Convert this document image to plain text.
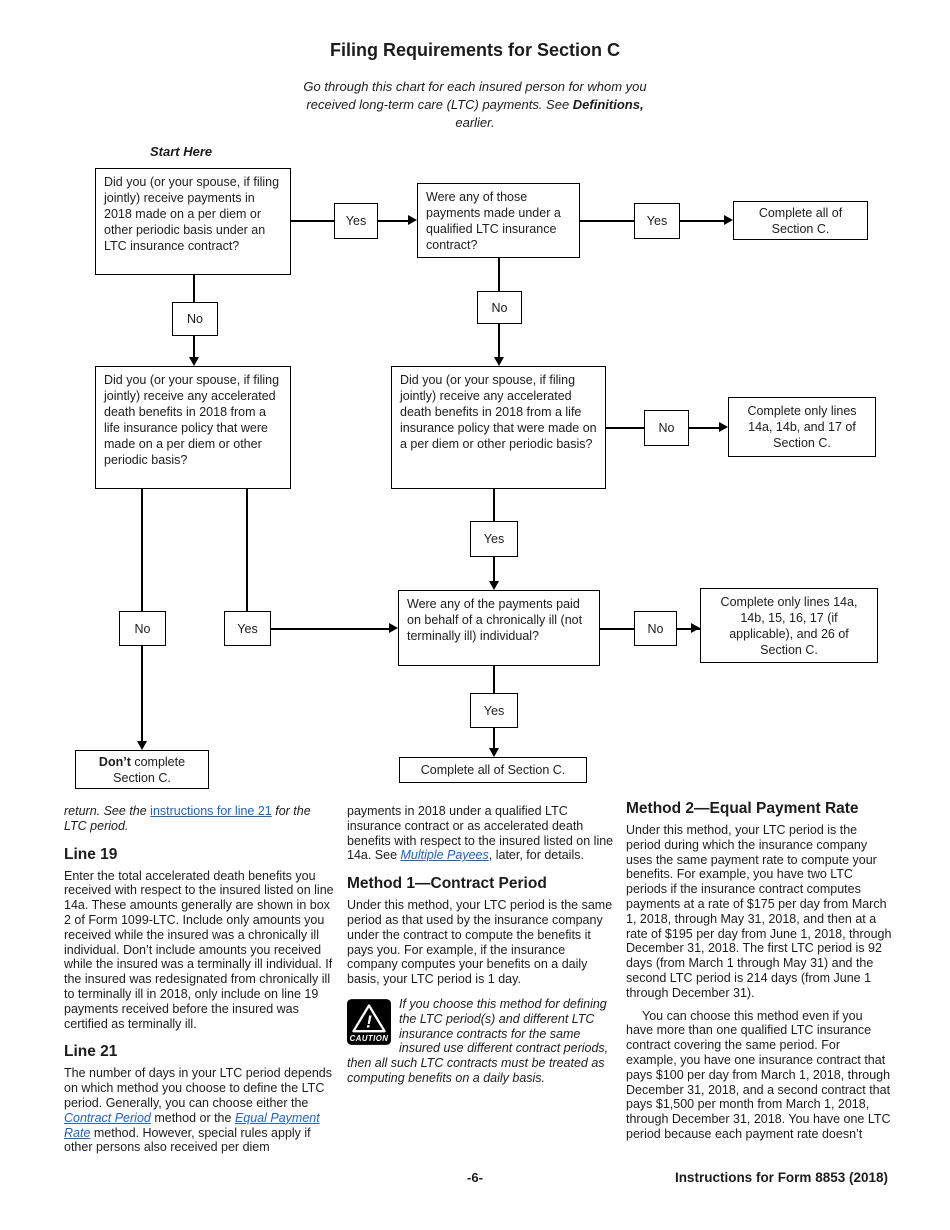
Filing Requirements for Section C

Go through this chart for each insured person for whom you received long-term care (LTC) payments. See Definitions, earlier.

Start Here
Did you (or your spouse, if filing jointly) receive payments in 2018 made on a per diem or other periodic basis under an LTC insurance contract?
Yes
Were any of those payments made under a qualified LTC insurance contract?
Yes
Complete all of Section C.
No
No
Did you (or your spouse, if filing jointly) receive any accelerated death benefits in 2018 from a life insurance policy that were made on a per diem or other periodic basis?
Did you (or your spouse, if filing jointly) receive any accelerated death benefits in 2018 from a life insurance policy that were made on a per diem or other periodic basis?
No
Complete only lines 14a, 14b, and 17 of Section C.
Yes
No	Yes
Were any of the payments paid on behalf of a chronically ill (not terminally ill) individual?
No
Complete only lines 14a, 14b, 15, 16, 17 (if applicable), and 26 of Section C.
Yes
Don’t complete Section C.
Complete all of Section C.

return. See the instructions for line 21 for the LTC period.

Line 19

Enter the total accelerated death benefits you received with respect to the insured listed on line 14a. These amounts generally are shown in box 2 of Form 1099-LTC. Include only amounts you received while the insured was a chronically ill individual. Don’t include amounts you received while the insured was a terminally ill individual. If the insured was redesignated from chronically ill to terminally ill in 2018, only include on line 19 payments received before the insured was certified as terminally ill.

Line 21

The number of days in your LTC period depends on which method you choose to define the LTC period. Generally, you can choose either the Contract Period method or the Equal Payment Rate method. However, special rules apply if other persons also received per diem

payments in 2018 under a qualified LTC insurance contract or as accelerated death benefits with respect to the insured listed on line 14a. See Multiple Payees, later, for details.

Method 1—Contract Period

Under this method, your LTC period is the same period as that used by the insurance company under the contract to compute the benefits it pays you. For example, if the insurance company computes your benefits on a daily basis, your LTC period is 1 day.

!
CAUTION
If you choose this method for defining the LTC period(s) and different LTC insurance contracts for the same insured use different contract periods, then all such LTC contracts must be treated as computing benefits on a daily basis.
Method 2—Equal Payment Rate

Under this method, your LTC period is the period during which the insurance company uses the same payment rate to compute your benefits. For example, you have two LTC periods if the insurance contract computes payments at a rate of $175 per day from March 1, 2018, through May 31, 2018, and then at a rate of $195 per day from June 1, 2018, through December 31, 2018. The first LTC period is 92 days (from March 1 through May 31) and the second LTC period is 214 days (from June 1 through December 31).

You can choose this method even if you have more than one qualified LTC insurance contract covering the same period. For example, you have one insurance contract that pays $100 per day from March 1, 2018, through December 31, 2018, and a second contract that pays $1,500 per month from March 1, 2018, through December 31, 2018. You have one LTC period because each payment rate doesn’t

-6-	Instructions for Form 8853 (2018)
